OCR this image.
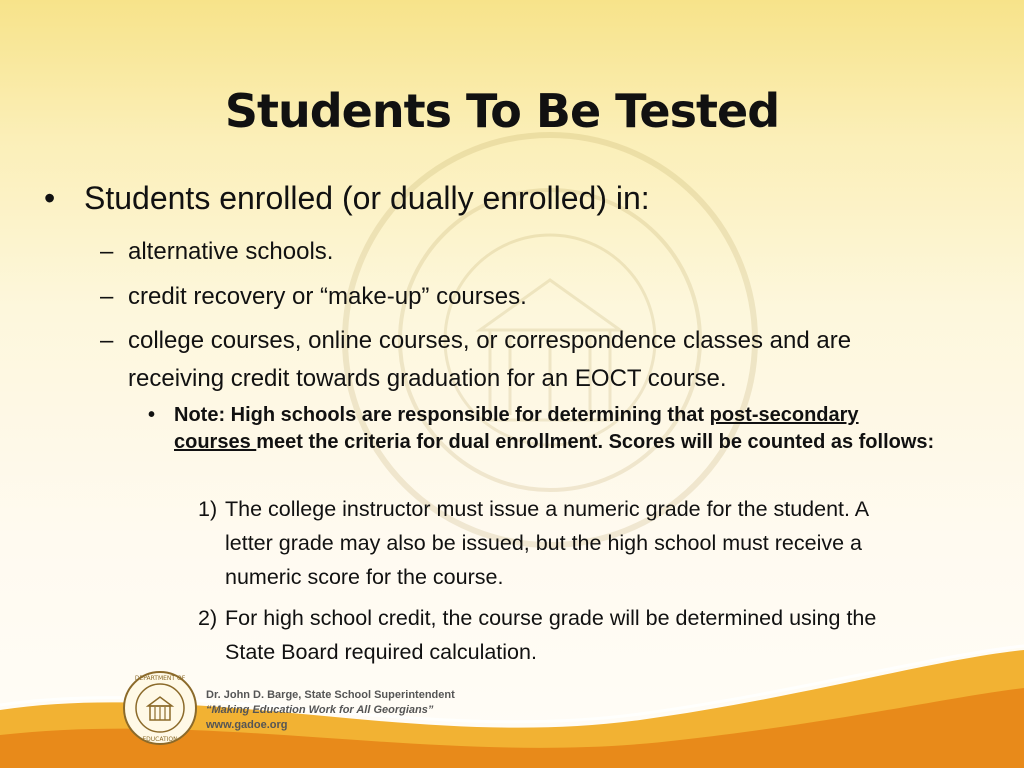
Students To Be Tested
• Students enrolled (or dually enrolled) in:
– alternative schools.
– credit recovery or “make-up” courses.
– college courses, online courses, or correspondence classes and are receiving credit towards graduation for an EOCT course.
• Note: High schools are responsible for determining that post-secondary courses meet the criteria for dual enrollment. Scores will be counted as follows:
1) The college instructor must issue a numeric grade for the student. A letter grade may also be issued, but the high school must receive a numeric score for the course.
2) For high school credit, the course grade will be determined using the State Board required calculation.
DEPARTMENT OF
EDUCATION
Dr. John D. Barge, State School Superintendent
“Making Education Work for All Georgians”
www.gadoe.org
